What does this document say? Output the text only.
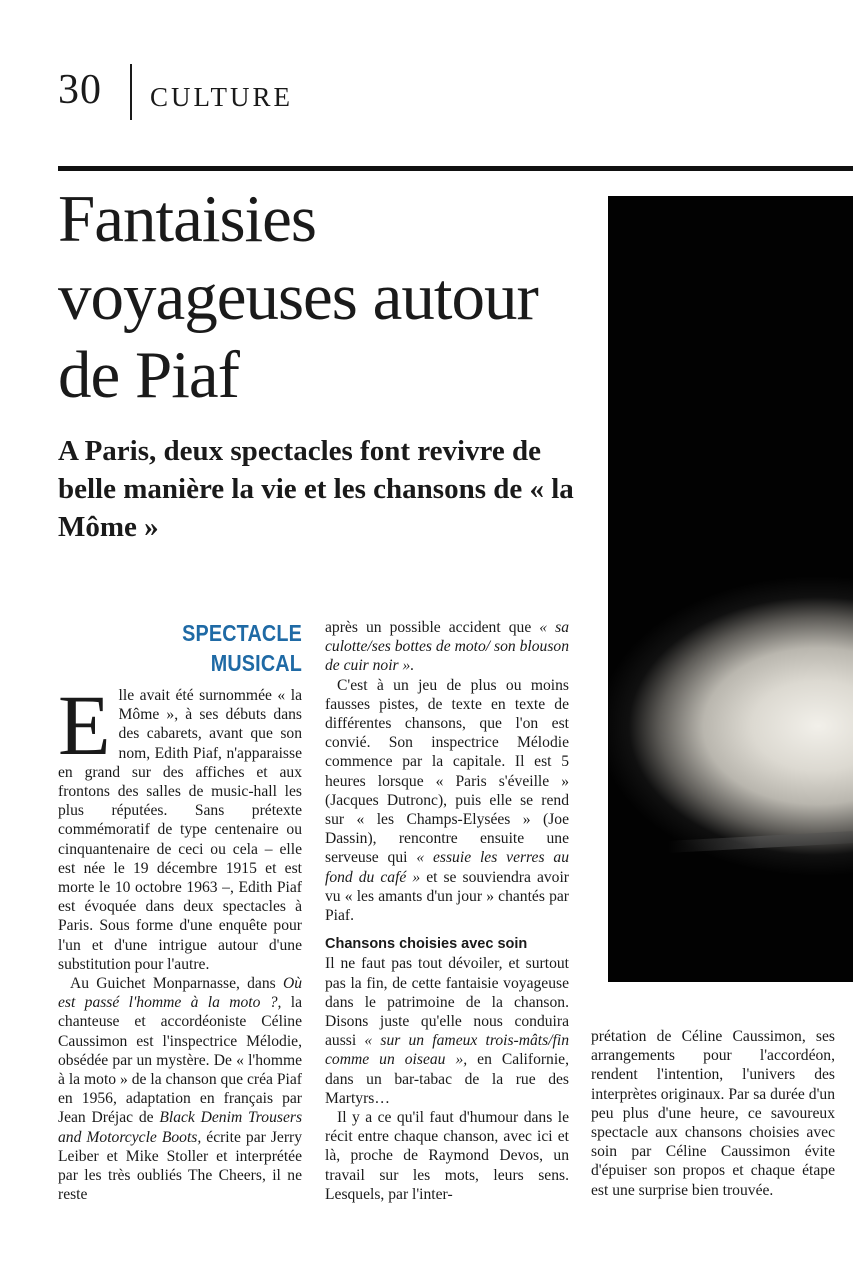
30 CULTURE
Fantaisies voyageuses autour de Piaf
A Paris, deux spectacles font revivre de belle manière la vie et les chansons de « la Môme »
SPECTACLE MUSICAL

Elle avait été surnommée « la Môme », à ses débuts dans des cabarets, avant que son nom, Edith Piaf, n'apparaisse en grand sur des affiches et aux frontons des salles de music-hall les plus réputées. Sans prétexte commémoratif de type centenaire ou cinquantenaire de ceci ou cela – elle est née le 19 décembre 1915 et est morte le 10 octobre 1963 –, Edith Piaf est évoquée dans deux spectacles à Paris. Sous forme d'une enquête pour l'un et d'une intrigue autour d'une substitution pour l'autre.

Au Guichet Monparnasse, dans Où est passé l'homme à la moto ?, la chanteuse et accordéoniste Céline Caussimon est l'inspectrice Mélodie, obsédée par un mystère. De « l'homme à la moto » de la chanson que créa Piaf en 1956, adaptation en français par Jean Dréjac de Black Denim Trousers and Motorcycle Boots, écrite par Jerry Leiber et Mike Stoller et interprétée par les très oubliés The Cheers, il ne reste

après un possible accident que « sa culotte/ses bottes de moto/ son blouson de cuir noir ».

C'est à un jeu de plus ou moins fausses pistes, de texte en texte de différentes chansons, que l'on est convié. Son inspectrice Mélodie commence par la capitale. Il est 5 heures lorsque « Paris s'éveille » (Jacques Dutronc), puis elle se rend sur « les Champs-Elysées » (Joe Dassin), rencontre ensuite une serveuse qui « essuie les verres au fond du café » et se souviendra avoir vu « les amants d'un jour » chantés par Piaf.

Chansons choisies avec soin

Il ne faut pas tout dévoiler, et surtout pas la fin, de cette fantaisie voyageuse dans le patrimoine de la chanson. Disons juste qu'elle nous conduira aussi « sur un fameux trois-mâts/fin comme un oiseau », en Californie, dans un bar-tabac de la rue des Martyrs…

Il y a ce qu'il faut d'humour dans le récit entre chaque chanson, avec ici et là, proche de Raymond Devos, un travail sur les mots, leurs sens. Lesquels, par l'inter-

prétation de Céline Caussimon, ses arrangements pour l'accordéon, rendent l'intention, l'univers des interprètes originaux. Par sa durée d'un peu plus d'une heure, ce savoureux spectacle aux chansons choisies avec soin par Céline Caussimon évite d'épuiser son propos et chaque étape est une surprise bien trouvée.
